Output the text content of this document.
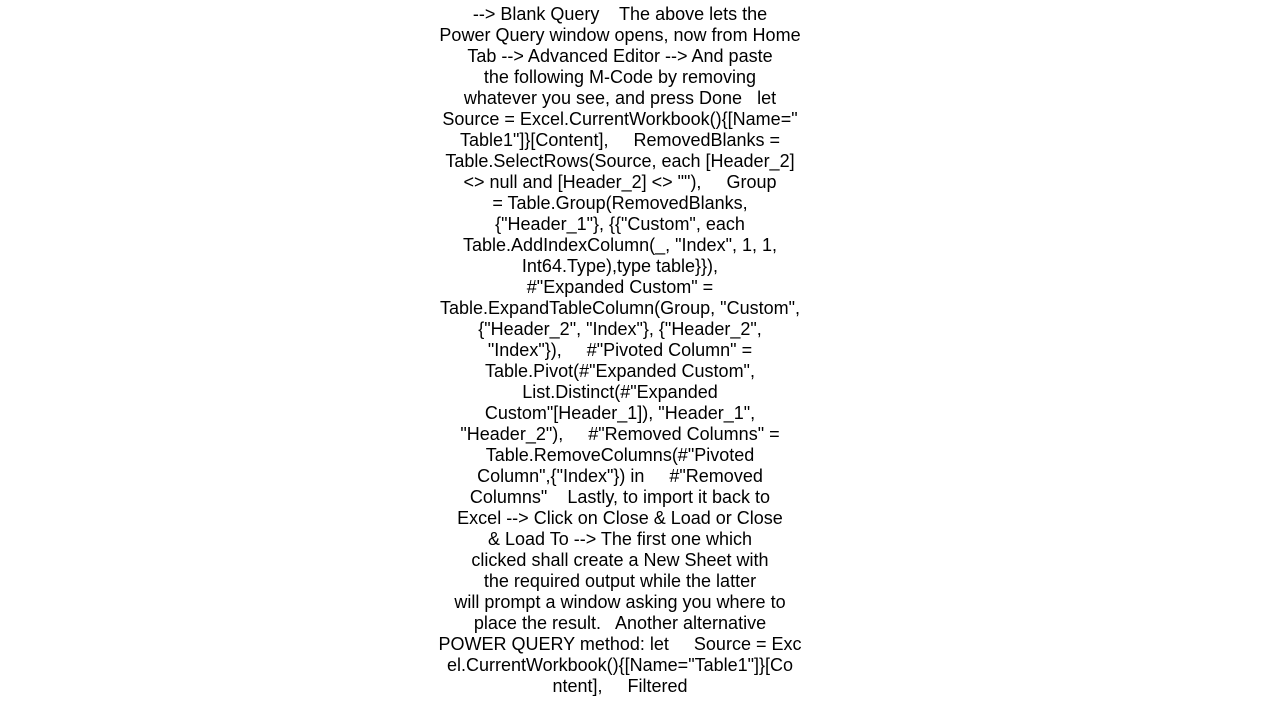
--> Blank Query    The above lets the
Power Query window opens, now from Home
Tab --> Advanced Editor --> And paste
the following M-Code by removing
whatever you see, and press Done   let
Source = Excel.CurrentWorkbook(){[Name="
Table1"]}[Content],     RemovedBlanks =
Table.SelectRows(Source, each [Header_2]
<> null and [Header_2] <> ""),     Group
= Table.Group(RemovedBlanks,
{"Header_1"}, {{"Custom", each
Table.AddIndexColumn(_, "Index", 1, 1,
Int64.Type),type table}}),
#"Expanded Custom" =
Table.ExpandTableColumn(Group, "Custom",
{"Header_2", "Index"}, {"Header_2",
"Index"}),     #"Pivoted Column" =
Table.Pivot(#"Expanded Custom",
List.Distinct(#"Expanded
Custom"[Header_1]), "Header_1",
"Header_2"),     #"Removed Columns" =
Table.RemoveColumns(#"Pivoted
Column",{"Index"}) in     #"Removed
Columns"    Lastly, to import it back to
Excel --> Click on Close & Load or Close
& Load To --> The first one which
clicked shall create a New Sheet with
the required output while the latter
will prompt a window asking you where to
place the result.   Another alternative
POWER QUERY method: let     Source = Exc
el.CurrentWorkbook(){[Name="Table1"]}[Co
ntent],     Filtered
